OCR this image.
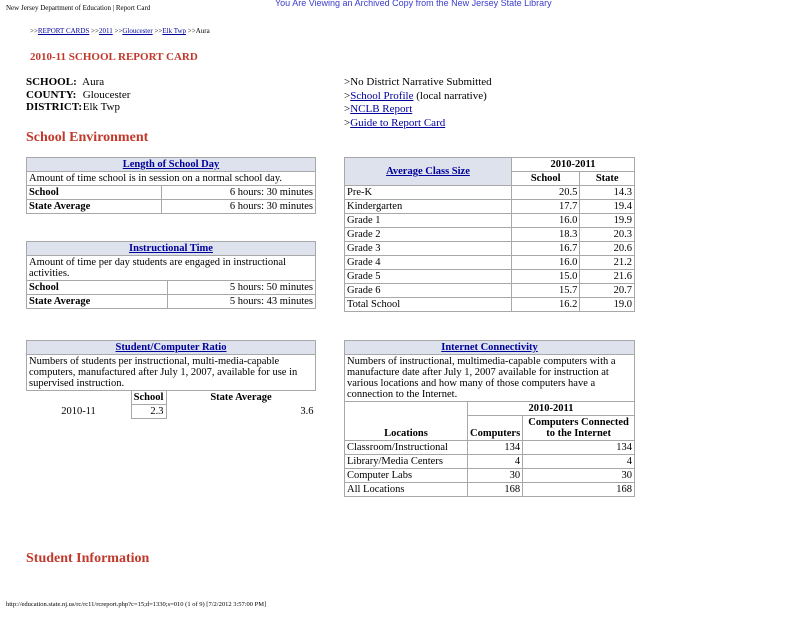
New Jersey Department of Education | Report Card	You Are Viewing an Archived Copy from the New Jersey State Library
>>REPORT CARDS >>2011 >>Gloucester >>Elk Twp >>Aura
2010-11 SCHOOL REPORT CARD
SCHOOL: Aura
COUNTY: Gloucester
DISTRICT: Elk Twp
>No District Narrative Submitted
>School Profile (local narrative)
>NCLB Report
>Guide to Report Card
School Environment
Length of School Day	
Amount of time school is in session on a normal school day.	
School	6 hours: 30 minutes
State Average	6 hours: 30 minutes
Instructional Time	
Amount of time per day students are engaged in instructional activities.	
School	5 hours: 50 minutes
State Average	5 hours: 43 minutes
Student/Computer Ratio		
Numbers of students per instructional, multi-media-capable computers, manufactured after July 1, 2007, available for use in supervised instruction.		
	School	State Average
2010-11	2.3	3.6
Average Class Size	2010-2011	
	School	State
Pre-K	20.5	14.3
Kindergarten	17.7	19.4
Grade 1	16.0	19.9
Grade 2	18.3	20.3
Grade 3	16.7	20.6
Grade 4	16.0	21.2
Grade 5	15.0	21.6
Grade 6	15.7	20.7
Total School	16.2	19.0
Internet Connectivity		
Numbers of instructional, multimedia-capable computers with a manufacture date after July 1, 2007 available for instruction at various locations and how many of those computers have a connection to the Internet.		
	2010-2011	
Locations	Computers	Computers Connected to the Internet
Classroom/Instructional	134	134
Library/Media Centers	4	4
Computer Labs	30	30
All Locations	168	168
Student Information
http://education.state.nj.us/rc/rc11/rcreport.php?c=15;d=1330;s=010 (1 of 9) [7/2/2012 3:57:00 PM]
